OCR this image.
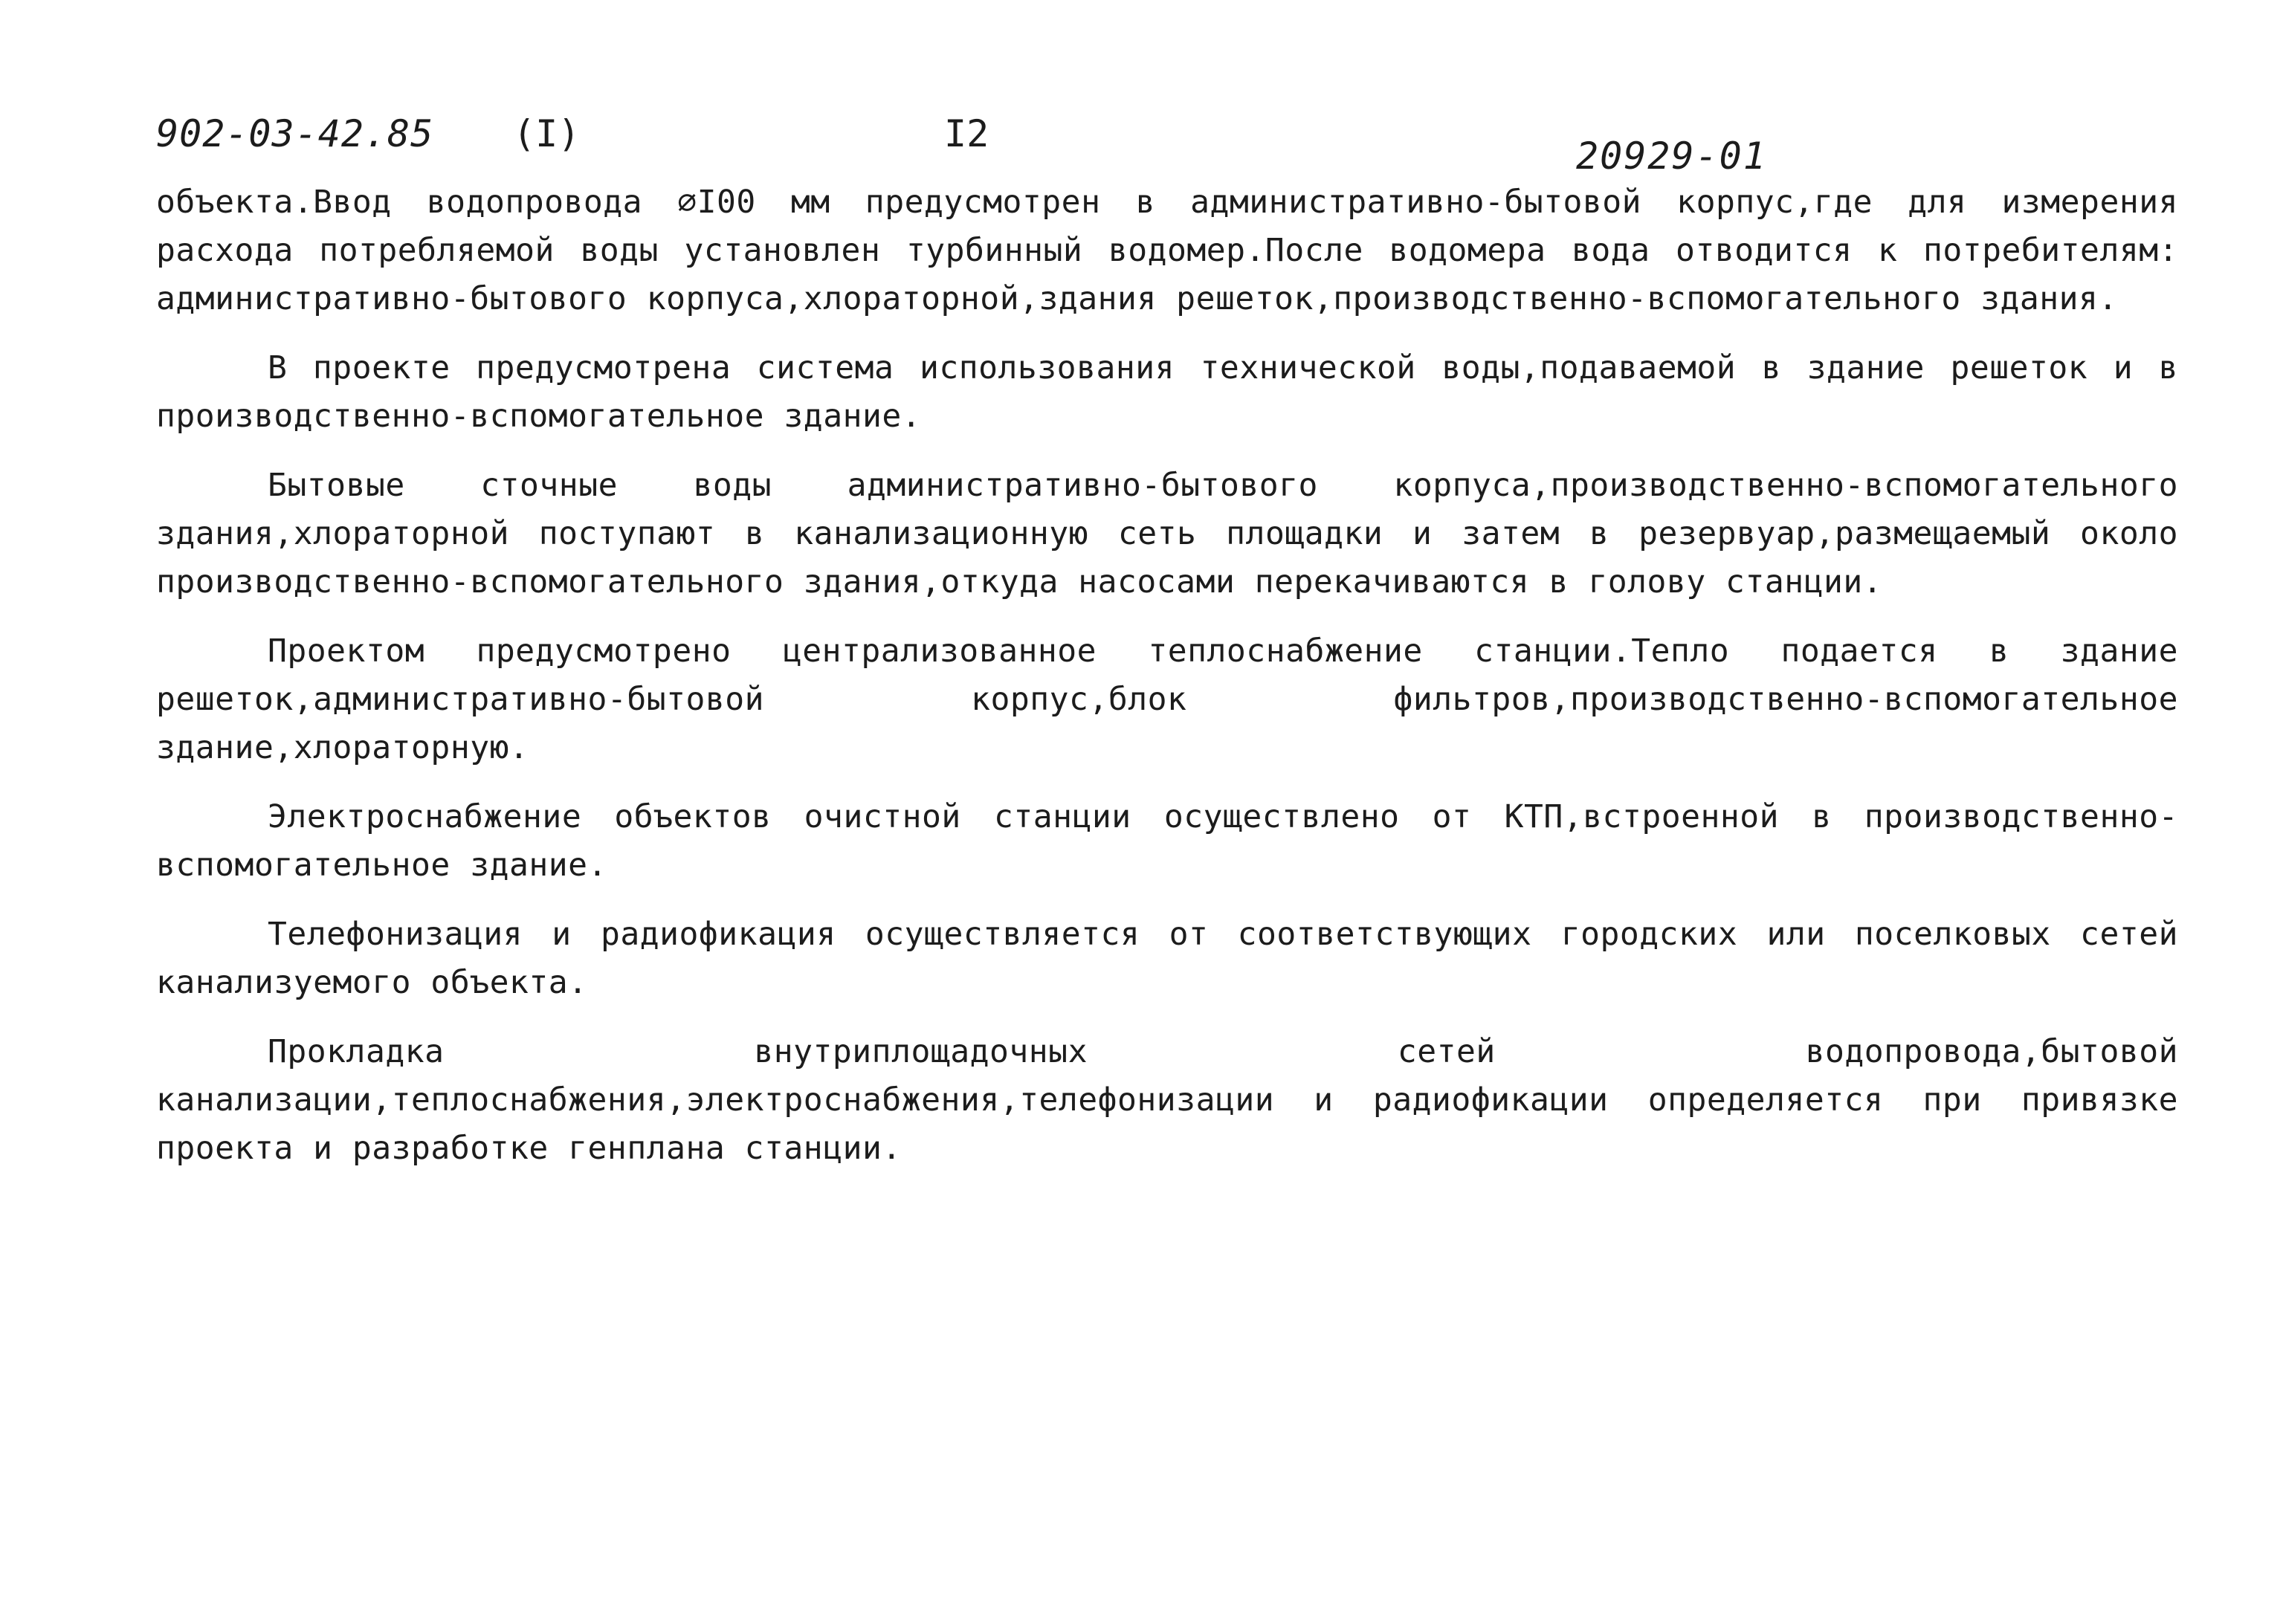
902-03-42.85 (I)	I2
20929-01

объекта.Ввод водопровода ⌀I00 мм предусмотрен в административно-бытовой корпус,где для измерения расхода потребляемой воды установлен турбинный водомер.После водомера вода отводится к потребителям: административно-бытового корпуса,хлораторной,здания решеток,производственно-вспомогательного здания.

В проекте предусмотрена система использования технической воды,подаваемой в здание решеток и в производственно-вспомогательное здание.

Бытовые сточные воды административно-бытового корпуса,производственно-вспомогательного здания,хлораторной поступают в канализационную сеть площадки и затем в резервуар,размещаемый около производственно-вспомогательного здания,откуда насосами перекачиваются в голову станции.

Проектом предусмотрено централизованное теплоснабжение станции.Тепло подается в здание решеток,административно-бытовой корпус,блок фильтров,производственно-вспомогательное здание,хлораторную.

Электроснабжение объектов очистной станции осуществлено от КТП,встроенной в производственно-вспомогательное здание.

Телефонизация и радиофикация осуществляется от соответствующих городских или поселковых сетей канализуемого объекта.

Прокладка внутриплощадочных сетей водопровода,бытовой канализации,теплоснабжения,электроснабжения,телефонизации и радиофикации определяется при привязке проекта и разработке генплана станции.
